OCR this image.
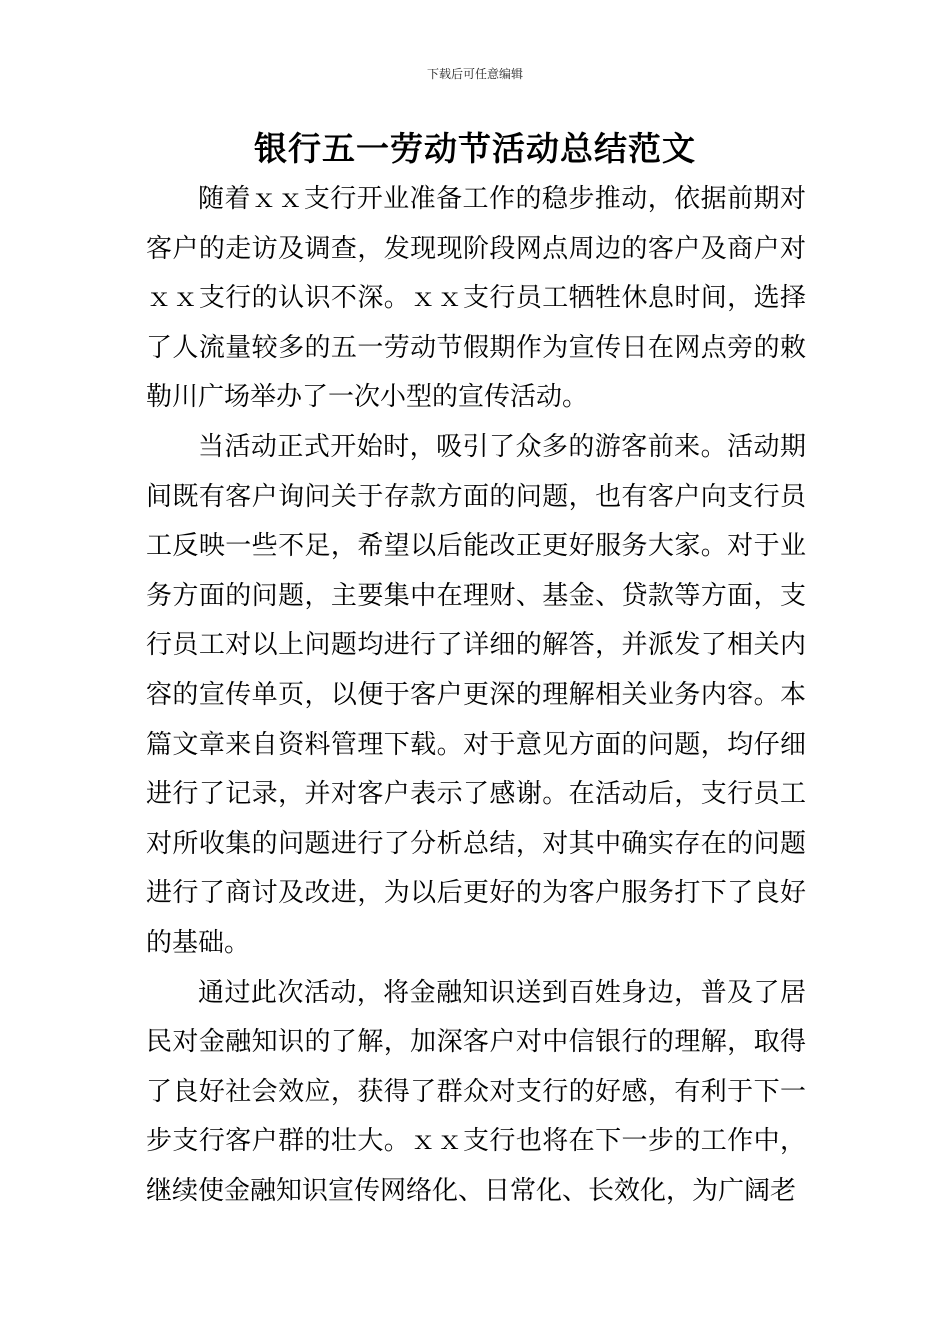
下载后可任意编辑
银行五一劳动节活动总结范文

随着ｘｘ支行开业准备工作的稳步推动，依据前期对客户的走访及调查，发现现阶段网点周边的客户及商户对ｘｘ支行的认识不深。ｘｘ支行员工牺牲休息时间，选择了人流量较多的五一劳动节假期作为宣传日在网点旁的敕勒川广场举办了一次小型的宣传活动。

当活动正式开始时，吸引了众多的游客前来。活动期间既有客户询问关于存款方面的问题，也有客户向支行员工反映一些不足，希望以后能改正更好服务大家。对于业务方面的问题，主要集中在理财、基金、贷款等方面，支行员工对以上问题均进行了详细的解答，并派发了相关内容的宣传单页，以便于客户更深的理解相关业务内容。本篇文章来自资料管理下载。对于意见方面的问题，均仔细进行了记录，并对客户表示了感谢。在活动后，支行员工对所收集的问题进行了分析总结，对其中确实存在的问题进行了商讨及改进，为以后更好的为客户服务打下了良好的基础。

通过此次活动，将金融知识送到百姓身边，普及了居民对金融知识的了解，加深客户对中信银行的理解，取得了良好社会效应，获得了群众对支行的好感，有利于下一步支行客户群的壮大。ｘｘ支行也将在下一步的工作中，继续使金融知识宣传网络化、日常化、长效化，为广阔老
